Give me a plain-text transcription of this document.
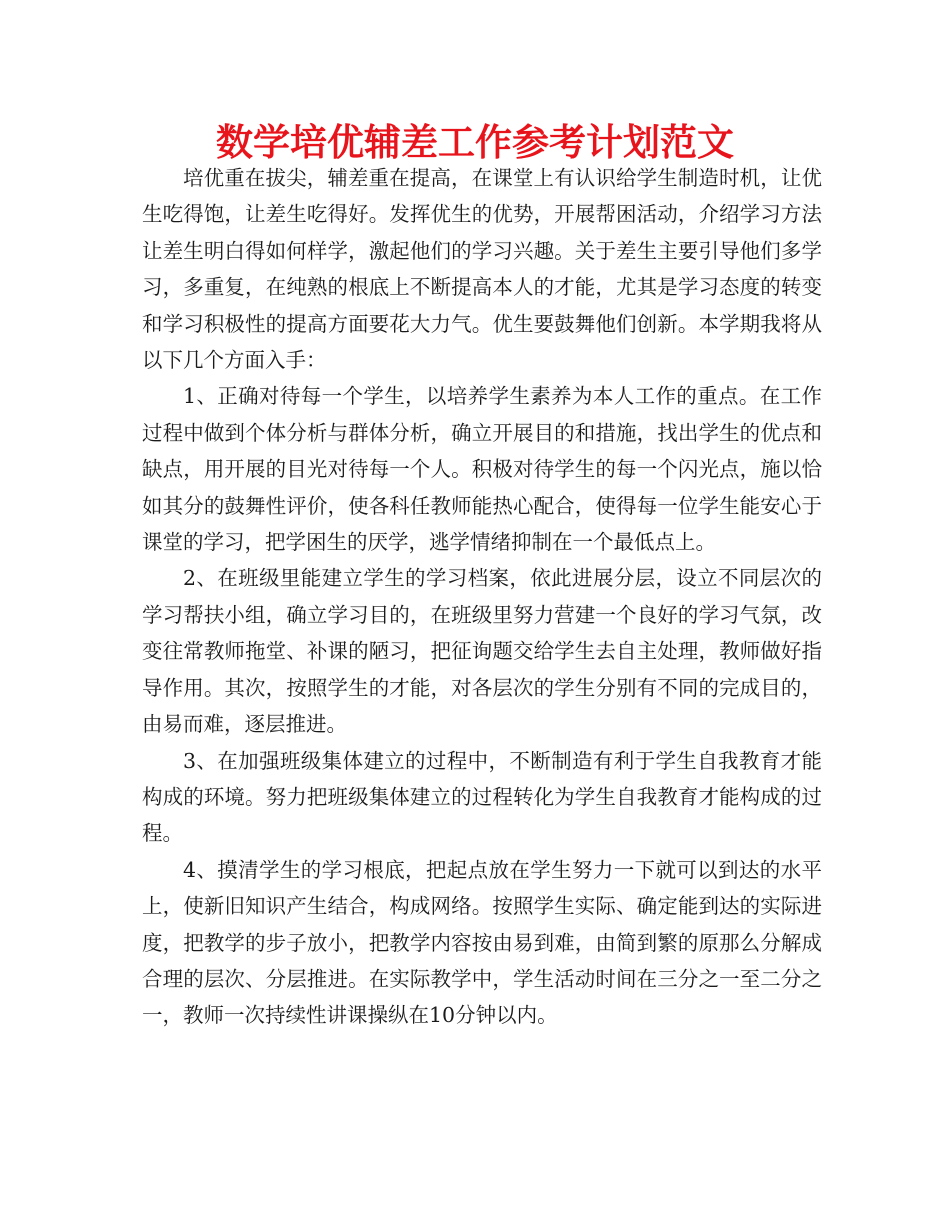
数学培优辅差工作参考计划范文

培优重在拔尖，辅差重在提高，在课堂上有认识给学生制造时机，让优生吃得饱，让差生吃得好。发挥优生的优势，开展帮困活动，介绍学习方法让差生明白得如何样学，激起他们的学习兴趣。关于差生主要引导他们多学习，多重复，在纯熟的根底上不断提高本人的才能，尤其是学习态度的转变和学习积极性的提高方面要花大力气。优生要鼓舞他们创新。本学期我将从以下几个方面入手：

1、正确对待每一个学生，以培养学生素养为本人工作的重点。在工作过程中做到个体分析与群体分析，确立开展目的和措施，找出学生的优点和缺点，用开展的目光对待每一个人。积极对待学生的每一个闪光点，施以恰如其分的鼓舞性评价，使各科任教师能热心配合，使得每一位学生能安心于课堂的学习，把学困生的厌学，逃学情绪抑制在一个最低点上。

2、在班级里能建立学生的学习档案，依此进展分层，设立不同层次的学习帮扶小组，确立学习目的，在班级里努力营建一个良好的学习气氛，改变往常教师拖堂、补课的陋习，把征询题交给学生去自主处理，教师做好指导作用。其次，按照学生的才能，对各层次的学生分别有不同的完成目的，由易而难，逐层推进。

3、在加强班级集体建立的过程中，不断制造有利于学生自我教育才能构成的环境。努力把班级集体建立的过程转化为学生自我教育才能构成的过程。

4、摸清学生的学习根底，把起点放在学生努力一下就可以到达的水平上，使新旧知识产生结合，构成网络。按照学生实际、确定能到达的实际进度，把教学的步子放小，把教学内容按由易到难，由简到繁的原那么分解成合理的层次、分层推进。在实际教学中，学生活动时间在三分之一至二分之一，教师一次持续性讲课操纵在10分钟以内。
